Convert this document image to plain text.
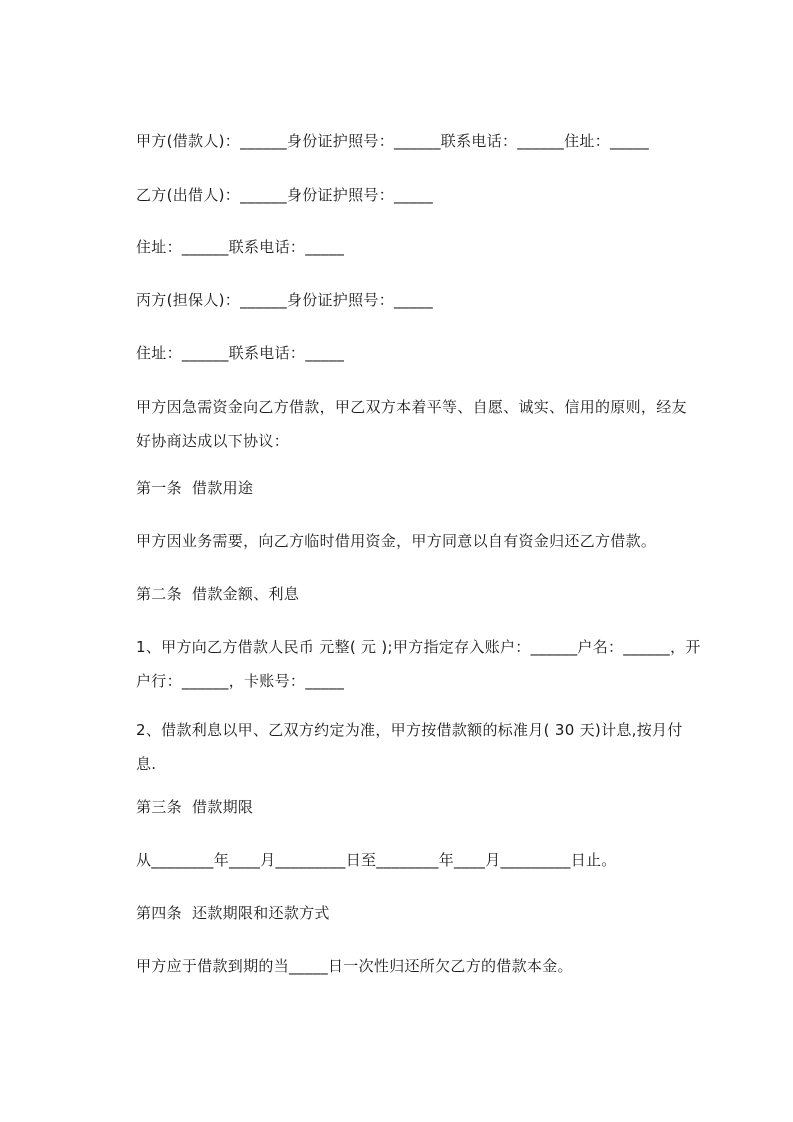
甲方(借款人)：______身份证护照号：______联系电话：______住址：_____
乙方(出借人)：______身份证护照号：_____
住址：______联系电话：_____
丙方(担保人)：______身份证护照号：_____
住址：______联系电话：_____
甲方因急需资金向乙方借款，甲乙双方本着平等、自愿、诚实、信用的原则，经友好协商达成以下协议：
第一条  借款用途
甲方因业务需要，向乙方临时借用资金，甲方同意以自有资金归还乙方借款。
第二条  借款金额、利息
1、甲方向乙方借款人民币 元整( 元 );甲方指定存入账户：______户名：______，开户行：______，卡账号：_____
2、借款利息以甲、乙双方约定为准，甲方按借款额的标准月( 30 天)计息,按月付息.
第三条  借款期限
从________年____月_________日至________年____月_________日止。
第四条  还款期限和还款方式
甲方应于借款到期的当_____日一次性归还所欠乙方的借款本金。
